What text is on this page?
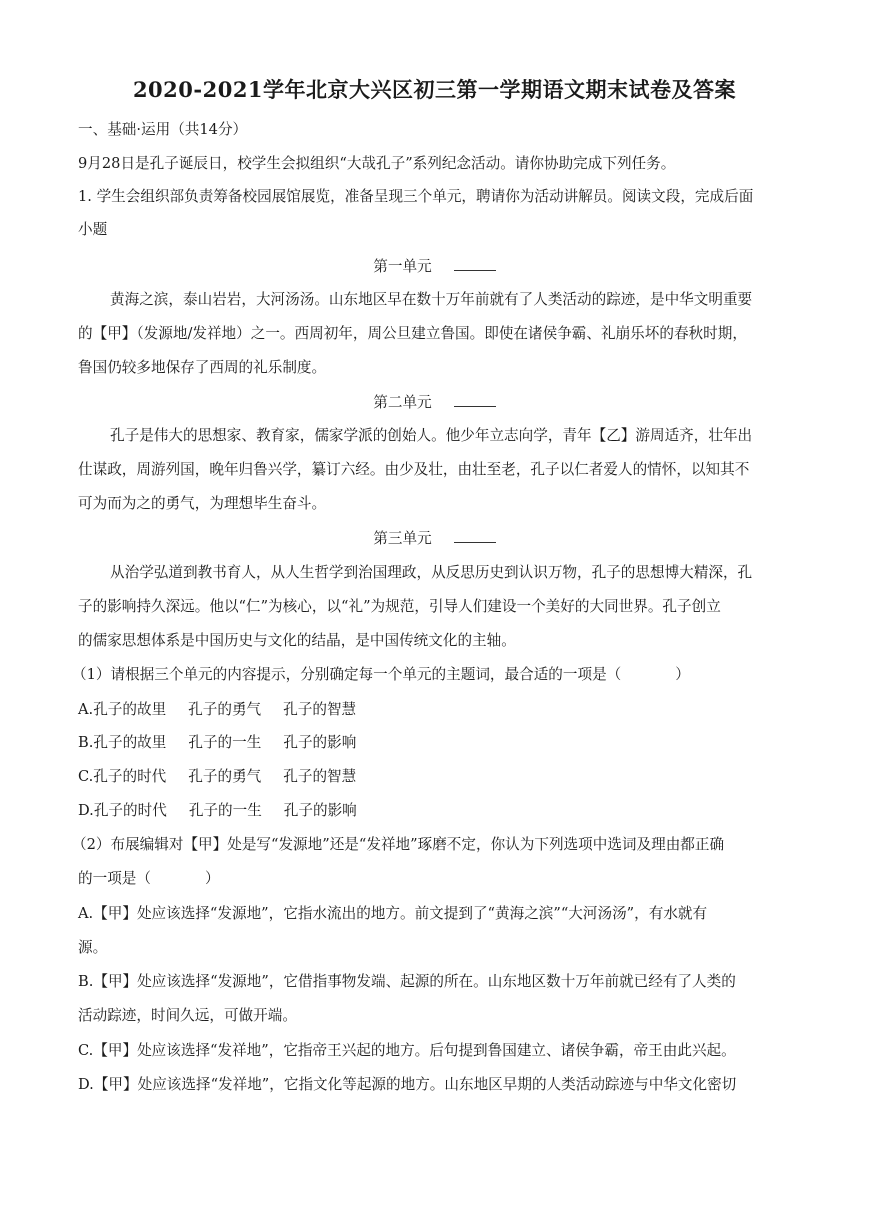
2020-2021学年北京大兴区初三第一学期语文期末试卷及答案
一、基础·运用（共14分）
9月28日是孔子诞辰日，校学生会拟组织“大哉孔子”系列纪念活动。请你协助完成下列任务。
1. 学生会组织部负责筹备校园展馆展览，准备呈现三个单元，聘请你为活动讲解员。阅读文段，完成后面
小题
第一单元
黄海之滨，泰山岩岩，大河汤汤。山东地区早在数十万年前就有了人类活动的踪迹，是中华文明重要
的【甲】（发源地/发祥地）之一。西周初年，周公旦建立鲁国。即使在诸侯争霸、礼崩乐坏的春秋时期，
鲁国仍较多地保存了西周的礼乐制度。
第二单元
孔子是伟大的思想家、教育家，儒家学派的创始人。他少年立志向学，青年【乙】游周适齐，壮年出
仕谋政，周游列国，晚年归鲁兴学，纂订六经。由少及壮，由壮至老，孔子以仁者爱人的情怀，以知其不
可为而为之的勇气，为理想毕生奋斗。
第三单元
从治学弘道到教书育人，从人生哲学到治国理政，从反思历史到认识万物，孔子的思想博大精深，孔
子的影响持久深远。他以“仁”为核心，以“礼”为规范，引导人们建设一个美好的大同世界。孔子创立
的儒家思想体系是中国历史与文化的结晶，是中国传统文化的主轴。
（1）请根据三个单元的内容提示，分别确定每一个单元的主题词，最合适的一项是（	）
A.孔子的故里 孔子的勇气 孔子的智慧
B.孔子的故里 孔子的一生 孔子的影响
C.孔子的时代 孔子的勇气 孔子的智慧
D.孔子的时代 孔子的一生 孔子的影响
（2）布展编辑对【甲】处是写“发源地”还是“发祥地”琢磨不定，你认为下列选项中选词及理由都正确
的一项是（	）
A.【甲】处应该选择“发源地”，它指水流出的地方。前文提到了“黄海之滨”“大河汤汤”，有水就有
源。
B.【甲】处应该选择“发源地”，它借指事物发端、起源的所在。山东地区数十万年前就已经有了人类的
活动踪迹，时间久远，可做开端。
C.【甲】处应该选择“发祥地”，它指帝王兴起的地方。后句提到鲁国建立、诸侯争霸，帝王由此兴起。
D.【甲】处应该选择“发祥地”，它指文化等起源的地方。山东地区早期的人类活动踪迹与中华文化密切
